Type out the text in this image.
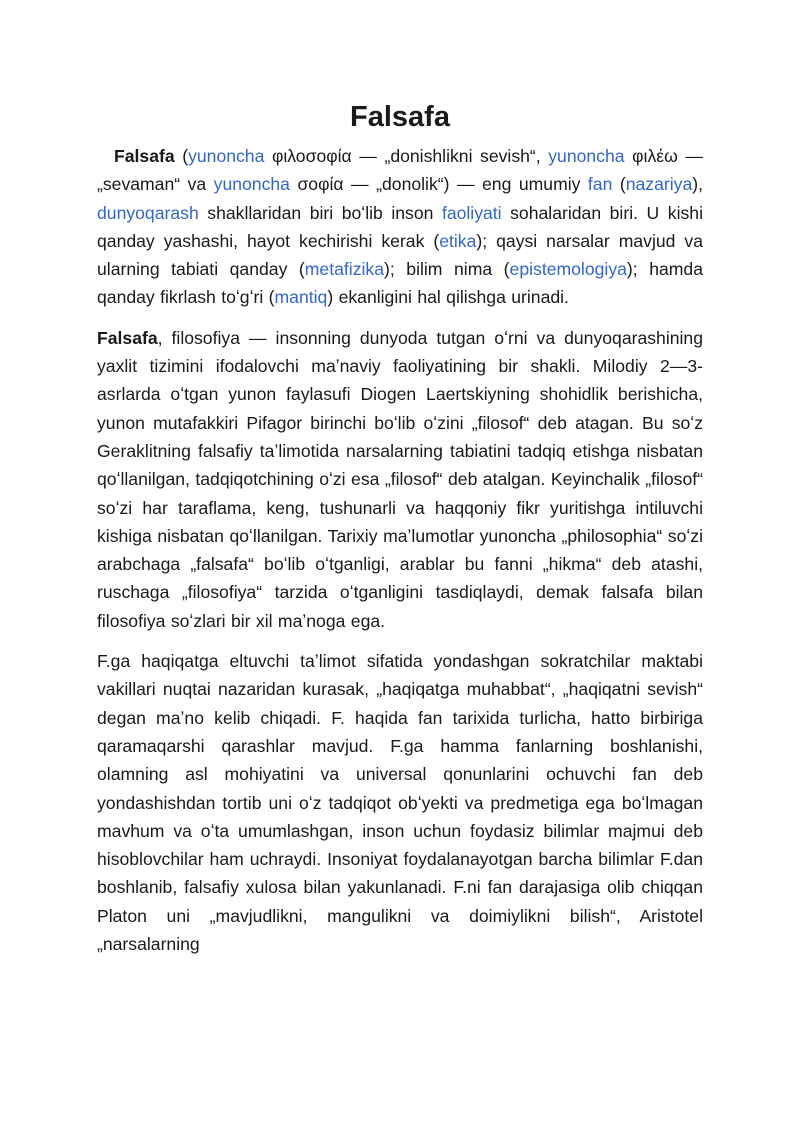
Falsafa

Falsafa (yunoncha φιλοσοφία — „donishlikni sevish“, yunoncha φιλέω — „sevaman“ va yunoncha σοφία — „donolik“) — eng umumiy fan (nazariya), dunyoqarash shakllaridan biri boʻlib inson faoliyati sohalaridan biri. U kishi qanday yashashi, hayot kechirishi kerak (etika); qaysi narsalar mavjud va ularning tabiati qanday (metafizika); bilim nima (epistemologiya); hamda qanday fikrlash toʻgʻri (mantiq) ekanligini hal qilishga urinadi.

Falsafa, filosofiya — insonning dunyoda tutgan oʻrni va dunyoqarashining yaxlit tizimini ifodalovchi maʼnaviy faoliyatining bir shakli. Milodiy 2—3-asrlarda oʻtgan yunon faylasufi Diogen Laertskiyning shohidlik berishicha, yunon mutafakkiri Pifagor birinchi boʻlib oʻzini „filosof“ deb atagan. Bu soʻz Geraklitning falsafiy taʼlimotida narsalarning tabiatini tadqiq etishga nisbatan qoʻllanilgan, tadqiqotchining oʻzi esa „filosof“ deb atalgan. Keyinchalik „filosof“ soʻzi har taraflama, keng, tushunarli va haqqoniy fikr yuritishga intiluvchi kishiga nisbatan qoʻllanilgan. Tarixiy maʼlumotlar yunoncha „philosophia“ soʻzi arabchaga „falsafa“ boʻlib oʻtganligi, arablar bu fanni „hikma“ deb atashi, ruschaga „filosofiya“ tarzida oʻtganligini tasdiqlaydi, demak falsafa bilan filosofiya soʻzlari bir xil maʼnoga ega.

F.ga haqiqatga eltuvchi taʼlimot sifatida yondashgan sokratchilar maktabi vakillari nuqtai nazaridan kurasak, „haqiqatga muhabbat“, „haqiqatni sevish“ degan maʼno kelib chiqadi. F. haqida fan tarixida turlicha, hatto birbiriga qaramaqarshi qarashlar mavjud. F.ga hamma fanlarning boshlanishi, olamning asl mohiyatini va universal qonunlarini ochuvchi fan deb yondashishdan tortib uni oʻz tadqiqot obʻyekti va predmetiga ega boʻlmagan mavhum va oʻta umumlashgan, inson uchun foydasiz bilimlar majmui deb hisoblovchilar ham uchraydi. Insoniyat foydalanayotgan barcha bilimlar F.dan boshlanib, falsafiy xulosa bilan yakunlanadi. F.ni fan darajasiga olib chiqqan Platon uni „mavjudlikni, mangulikni va doimiylikni bilish“, Aristotel „narsalarning
